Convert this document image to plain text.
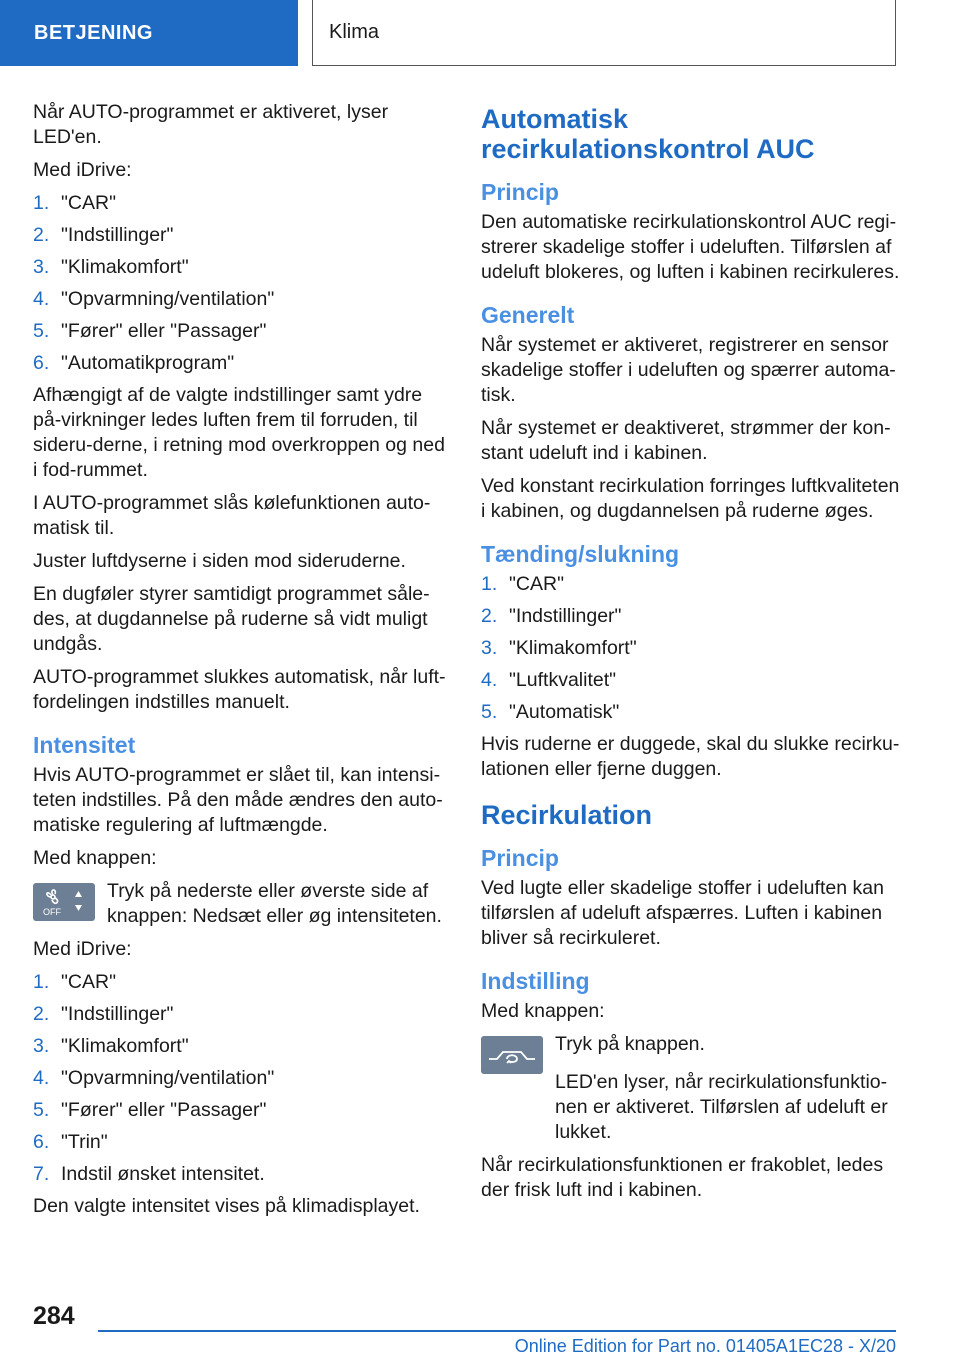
BETJENING	Klima

Når AUTO-programmet er aktiveret, lyser LED'en.

Med iDrive:

1. "CAR"
2. "Indstillinger"
3. "Klimakomfort"
4. "Opvarmning/ventilation"
5. "Fører" eller "Passager"
6. "Automatikprogram"

Afhængigt af de valgte indstillinger samt ydre på-virkninger ledes luften frem til forruden, til sideru-derne, i retning mod overkroppen og ned i fod-rummet.

I AUTO-programmet slås kølefunktionen auto-matisk til.

Juster luftdyserne i siden mod sideruderne.

En dugføler styrer samtidigt programmet såle-des, at dugdannelse på ruderne så vidt muligt undgås.

AUTO-programmet slukkes automatisk, når luft-fordelingen indstilles manuelt.

Intensitet

Hvis AUTO-programmet er slået til, kan intensi-teten indstilles. På den måde ændres den auto-matiske regulering af luftmængde.

Med knappen:

OFF
Tryk på nederste eller øverste side af knappen: Nedsæt eller øg intensiteten.

Med iDrive:

1. "CAR"
2. "Indstillinger"
3. "Klimakomfort"
4. "Opvarmning/ventilation"
5. "Fører" eller "Passager"
6. "Trin"
7. Indstil ønsket intensitet.

Den valgte intensitet vises på klimadisplayet.

Automatisk recirkulationskontrol AUC
Princip

Den automatiske recirkulationskontrol AUC regi-strerer skadelige stoffer i udeluften. Tilførslen af udeluft blokeres, og luften i kabinen recirkuleres.

Generelt

Når systemet er aktiveret, registrerer en sensor skadelige stoffer i udeluften og spærrer automa-tisk.

Når systemet er deaktiveret, strømmer der kon-stant udeluft ind i kabinen.

Ved konstant recirkulation forringes luftkvaliteten i kabinen, og dugdannelsen på ruderne øges.

Tænding/slukning
1. "CAR"
2. "Indstillinger"
3. "Klimakomfort"
4. "Luftkvalitet"
5. "Automatisk"

Hvis ruderne er duggede, skal du slukke recirku-lationen eller fjerne duggen.

Recirkulation
Princip

Ved lugte eller skadelige stoffer i udeluften kan tilførslen af udeluft afspærres. Luften i kabinen bliver så recirkuleret.

Indstilling

Med knappen:

Tryk på knappen.

LED'en lyser, når recirkulationsfunktio-nen er aktiveret. Tilførslen af udeluft er lukket.

Når recirkulationsfunktionen er frakoblet, ledes der frisk luft ind i kabinen.

284
Online Edition for Part no. 01405A1EC28 - X/20
